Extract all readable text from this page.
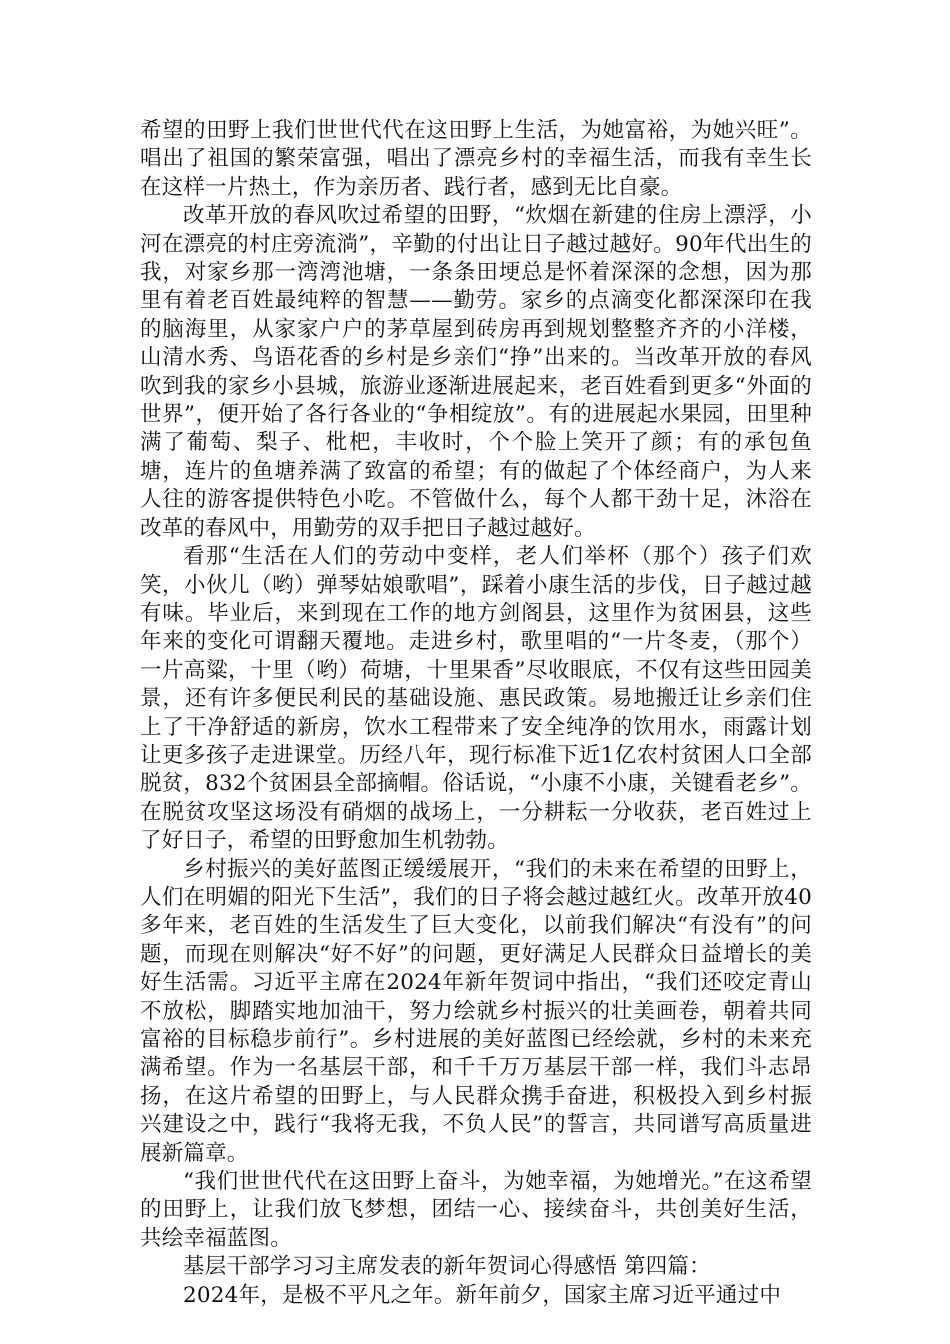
希望的田野上我们世世代代在这田野上生活，为她富裕，为她兴旺”。唱出了祖国的繁荣富强，唱出了漂亮乡村的幸福生活，而我有幸生长在这样一片热土，作为亲历者、践行者，感到无比自豪。

改革开放的春风吹过希望的田野，“炊烟在新建的住房上漂浮，小河在漂亮的村庄旁流淌”，辛勤的付出让日子越过越好。90年代出生的我，对家乡那一湾湾池塘，一条条田埂总是怀着深深的念想，因为那里有着老百姓最纯粹的智慧——勤劳。家乡的点滴变化都深深印在我的脑海里，从家家户户的茅草屋到砖房再到规划整整齐齐的小洋楼，山清水秀、鸟语花香的乡村是乡亲们“挣”出来的。当改革开放的春风吹到我的家乡小县城，旅游业逐渐进展起来，老百姓看到更多“外面的世界”，便开始了各行各业的“争相绽放”。有的进展起水果园，田里种满了葡萄、梨子、枇杷，丰收时，个个脸上笑开了颜；有的承包鱼塘，连片的鱼塘养满了致富的希望；有的做起了个体经商户，为人来人往的游客提供特色小吃。不管做什么，每个人都干劲十足，沐浴在改革的春风中，用勤劳的双手把日子越过越好。

看那“生活在人们的劳动中变样，老人们举杯（那个）孩子们欢笑，小伙儿（哟）弹琴姑娘歌唱”，踩着小康生活的步伐，日子越过越有味。毕业后，来到现在工作的地方剑阁县，这里作为贫困县，这些年来的变化可谓翻天覆地。走进乡村，歌里唱的“一片冬麦，（那个）一片高粱，十里（哟）荷塘，十里果香”尽收眼底，不仅有这些田园美景，还有许多便民利民的基础设施、惠民政策。易地搬迁让乡亲们住上了干净舒适的新房，饮水工程带来了安全纯净的饮用水，雨露计划让更多孩子走进课堂。历经八年，现行标准下近1亿农村贫困人口全部脱贫，832个贫困县全部摘帽。俗话说，“小康不小康，关键看老乡”。在脱贫攻坚这场没有硝烟的战场上，一分耕耘一分收获，老百姓过上了好日子，希望的田野愈加生机勃勃。

乡村振兴的美好蓝图正缓缓展开，“我们的未来在希望的田野上，人们在明媚的阳光下生活”，我们的日子将会越过越红火。改革开放40多年来，老百姓的生活发生了巨大变化，以前我们解决“有没有”的问题，而现在则解决“好不好”的问题，更好满足人民群众日益增长的美好生活需。习近平主席在2024年新年贺词中指出，“我们还咬定青山不放松，脚踏实地加油干，努力绘就乡村振兴的壮美画卷，朝着共同富裕的目标稳步前行”。乡村进展的美好蓝图已经绘就，乡村的未来充满希望。作为一名基层干部，和千千万万基层干部一样，我们斗志昂扬，在这片希望的田野上，与人民群众携手奋进，积极投入到乡村振兴建设之中，践行“我将无我，不负人民”的誓言，共同谱写高质量进展新篇章。

“我们世世代代在这田野上奋斗，为她幸福，为她增光。”在这希望的田野上，让我们放飞梦想，团结一心、接续奋斗，共创美好生活，共绘幸福蓝图。

基层干部学习习主席发表的新年贺词心得感悟 第四篇：

2024年，是极不平凡之年。新年前夕，国家主席习近平通过中
